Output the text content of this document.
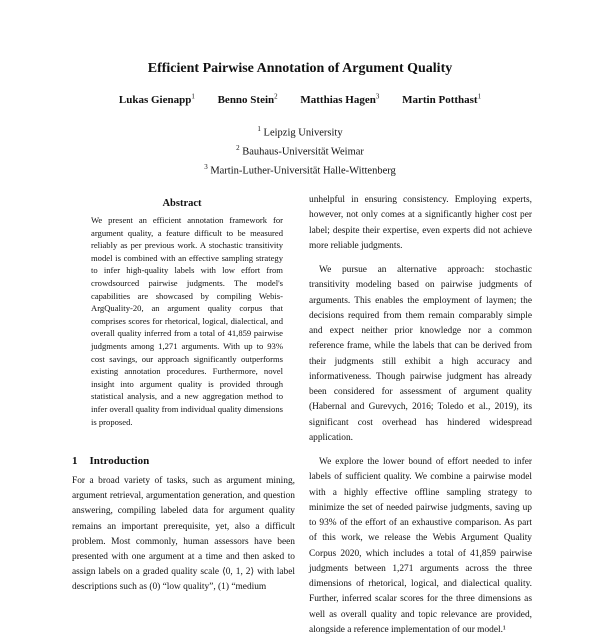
Efficient Pairwise Annotation of Argument Quality
Lukas Gienapp$^1$ Benno Stein$^2$ Matthias Hagen$^3$ Martin Potthast$^1$
$^1$ Leipzig University
$^2$ Bauhaus-Universität Weimar
$^3$ Martin-Luther-Universität Halle-Wittenberg
Abstract

We present an efficient annotation framework for argument quality, a feature difficult to be measured reliably as per previous work. A stochastic transitivity model is combined with an effective sampling strategy to infer high-quality labels with low effort from crowdsourced pairwise judgments. The model's capabilities are showcased by compiling Webis-ArgQuality-20, an argument quality corpus that comprises scores for rhetorical, logical, dialectical, and overall quality inferred from a total of 41,859 pairwise judgments among 1,271 arguments. With up to 93% cost savings, our approach significantly outperforms existing annotation procedures. Furthermore, novel insight into argument quality is provided through statistical analysis, and a new aggregation method to infer overall quality from individual quality dimensions is proposed.

1 Introduction

For a broad variety of tasks, such as argument mining, argument retrieval, argumentation generation, and question answering, compiling labeled data for argument quality remains an important prerequisite, yet, also a difficult problem. Most commonly, human assessors have been presented with one argument at a time and then asked to assign labels on a graded quality scale ⟨0, 1, 2⟩ with label descriptions such as (0) “low quality”, (1) “medium

unhelpful in ensuring consistency. Employing experts, however, not only comes at a significantly higher cost per label; despite their expertise, even experts did not achieve more reliable judgments.

We pursue an alternative approach: stochastic transitivity modeling based on pairwise judgments of arguments. This enables the employment of laymen; the decisions required from them remain comparably simple and expect neither prior knowledge nor a common reference frame, while the labels that can be derived from their judgments still exhibit a high accuracy and informativeness. Though pairwise judgment has already been considered for assessment of argument quality (Habernal and Gurevych, 2016; Toledo et al., 2019), its significant cost overhead has hindered widespread application.

We explore the lower bound of effort needed to infer labels of sufficient quality. We combine a pairwise model with a highly effective offline sampling strategy to minimize the set of needed pairwise judgments, saving up to 93% of the effort of an exhaustive comparison. As part of this work, we release the Webis Argument Quality Corpus 2020, which includes a total of 41,859 pairwise judgments between 1,271 arguments across the three dimensions of rhetorical, logical, and dialectical quality. Further, inferred scalar scores for the three dimensions as well as overall quality and topic relevance are provided, alongside a reference implementation of our model.¹
